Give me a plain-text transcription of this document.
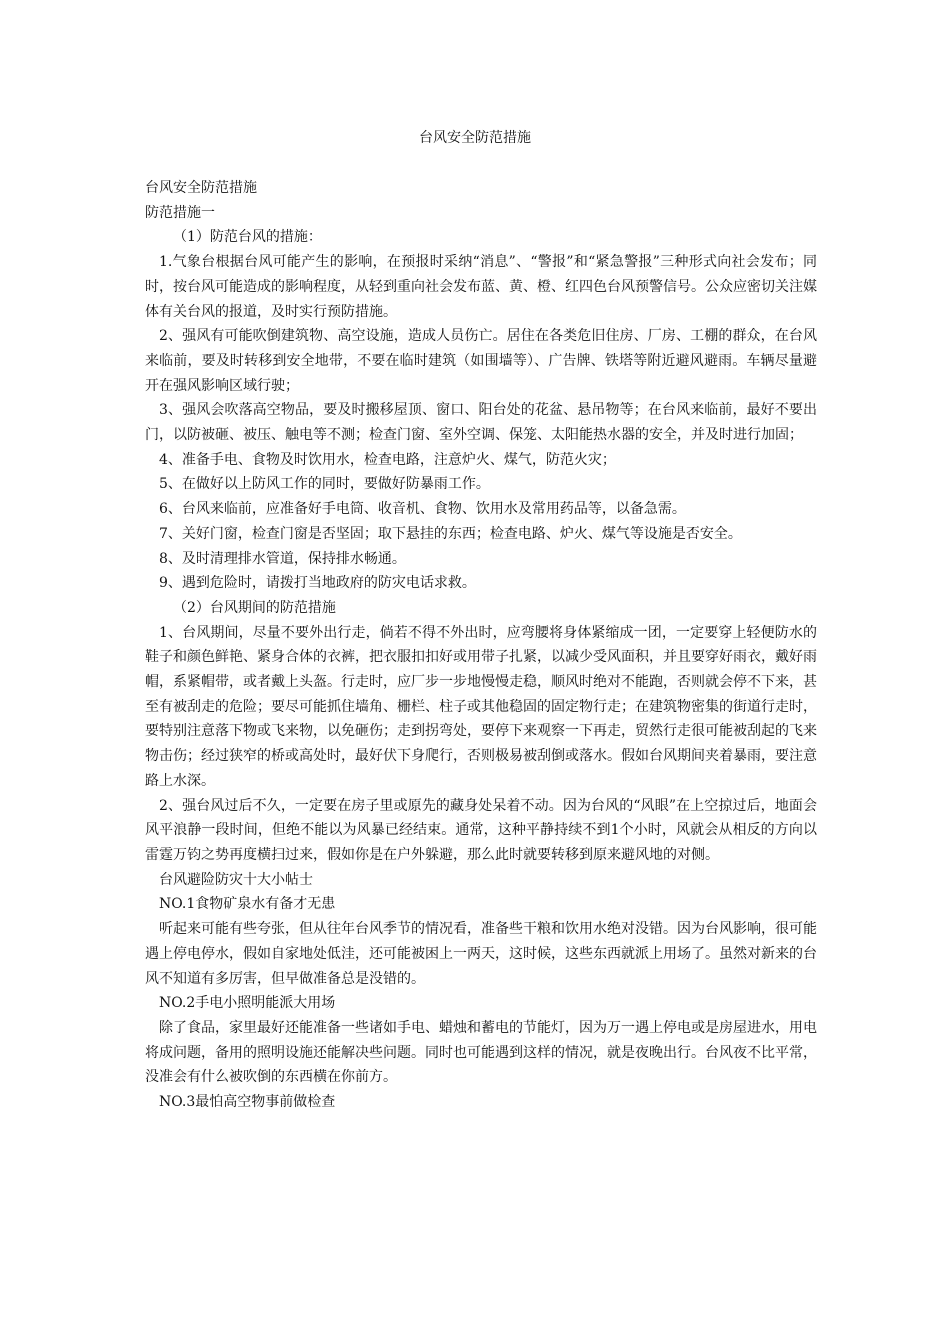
台风安全防范措施

台风安全防范措施

防范措施一

（1）防范台风的措施：

1.气象台根据台风可能产生的影响，在预报时采纳“消息”、“警报”和“紧急警报”三种形式向社会发布；同时，按台风可能造成的影响程度，从轻到重向社会发布蓝、黄、橙、红四色台风预警信号。公众应密切关注媒体有关台风的报道，及时实行预防措施。

2、强风有可能吹倒建筑物、高空设施，造成人员伤亡。居住在各类危旧住房、厂房、工棚的群众，在台风来临前，要及时转移到安全地带，不要在临时建筑（如围墙等）、广告牌、铁塔等附近避风避雨。车辆尽量避开在强风影响区域行驶；

3、强风会吹落高空物品，要及时搬移屋顶、窗口、阳台处的花盆、悬吊物等；在台风来临前，最好不要出门，以防被砸、被压、触电等不测；检查门窗、室外空调、保笼、太阳能热水器的安全，并及时进行加固；

4、准备手电、食物及时饮用水，检查电路，注意炉火、煤气，防范火灾；

5、在做好以上防风工作的同时，要做好防暴雨工作。

6、台风来临前，应准备好手电筒、收音机、食物、饮用水及常用药品等，以备急需。

7、关好门窗，检查门窗是否坚固；取下悬挂的东西；检查电路、炉火、煤气等设施是否安全。

8、及时清理排水管道，保持排水畅通。

9、遇到危险时，请拨打当地政府的防灾电话求救。

（2）台风期间的防范措施

1、台风期间，尽量不要外出行走，倘若不得不外出时，应弯腰将身体紧缩成一团，一定要穿上轻便防水的鞋子和颜色鲜艳、紧身合体的衣裤，把衣服扣扣好或用带子扎紧，以减少受风面积，并且要穿好雨衣，戴好雨帽，系紧帽带，或者戴上头盔。行走时，应厂步一步地慢慢走稳，顺风时绝对不能跑，否则就会停不下来，甚至有被刮走的危险；要尽可能抓住墙角、栅栏、柱子或其他稳固的固定物行走；在建筑物密集的街道行走时，要特别注意落下物或飞来物，以免砸伤；走到拐弯处，要停下来观察一下再走，贸然行走很可能被刮起的飞来物击伤；经过狭窄的桥或高处时，最好伏下身爬行，否则极易被刮倒或落水。假如台风期间夹着暴雨，要注意路上水深。

2、强台风过后不久，一定要在房子里或原先的藏身处呆着不动。因为台风的“风眼”在上空掠过后，地面会风平浪静一段时间，但绝不能以为风暴已经结束。通常，这种平静持续不到1个小时，风就会从相反的方向以雷霆万钧之势再度横扫过来，假如你是在户外躲避，那么此时就要转移到原来避风地的对侧。

台风避险防灾十大小帖士

NO.1食物矿泉水有备才无患

听起来可能有些夸张，但从往年台风季节的情况看，准备些干粮和饮用水绝对没错。因为台风影响，很可能遇上停电停水，假如自家地处低洼，还可能被困上一两天，这时候，这些东西就派上用场了。虽然对新来的台风不知道有多厉害，但早做准备总是没错的。

NO.2手电小照明能派大用场

除了食品，家里最好还能准备一些诸如手电、蜡烛和蓄电的节能灯，因为万一遇上停电或是房屋进水，用电将成问题，备用的照明设施还能解决些问题。同时也可能遇到这样的情况，就是夜晚出行。台风夜不比平常，没准会有什么被吹倒的东西横在你前方。

NO.3最怕高空物事前做检查
